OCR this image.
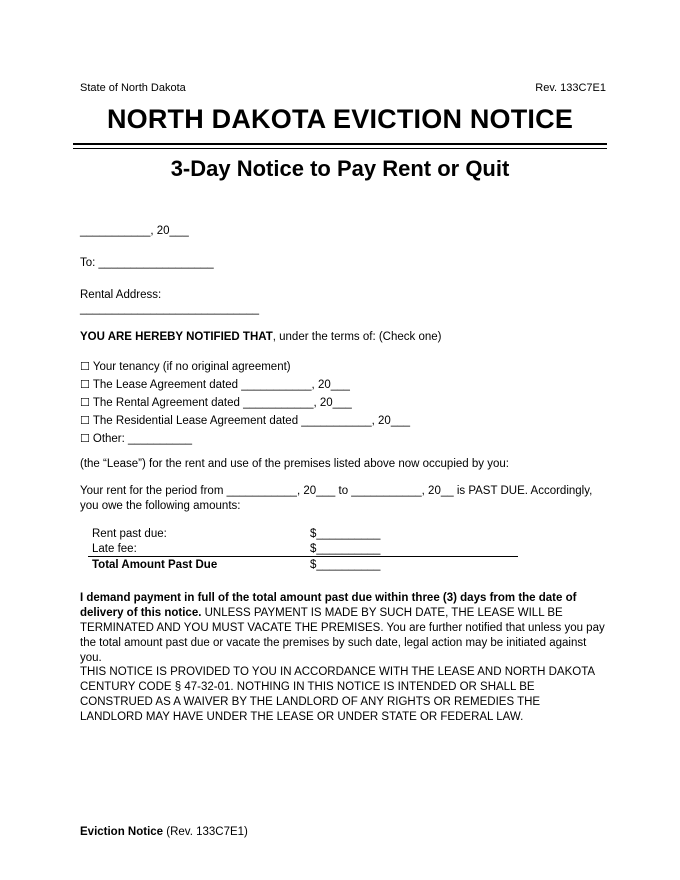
State of North Dakota	Rev. 133C7E1
NORTH DAKOTA EVICTION NOTICE
3-Day Notice to Pay Rent or Quit
___________, 20___
To: __________________
Rental Address:
____________________________
YOU ARE HEREBY NOTIFIED THAT, under the terms of: (Check one)
☐ Your tenancy (if no original agreement)
☐ The Lease Agreement dated ___________, 20___
☐ The Rental Agreement dated ___________, 20___
☐ The Residential Lease Agreement dated ___________, 20___
☐ Other: __________
(the “Lease”) for the rent and use of the premises listed above now occupied by you:
Your rent for the period from ___________, 20___ to ___________, 20__ is PAST DUE. Accordingly, you owe the following amounts:
Rent past due:	$__________
Late fee:	$__________
Total Amount Past Due	$__________
I demand payment in full of the total amount past due within three (3) days from the date of delivery of this notice. UNLESS PAYMENT IS MADE BY SUCH DATE, THE LEASE WILL BE TERMINATED AND YOU MUST VACATE THE PREMISES. You are further notified that unless you pay the total amount past due or vacate the premises by such date, legal action may be initiated against you.
THIS NOTICE IS PROVIDED TO YOU IN ACCORDANCE WITH THE LEASE AND NORTH DAKOTA CENTURY CODE § 47-32-01. NOTHING IN THIS NOTICE IS INTENDED OR SHALL BE CONSTRUED AS A WAIVER BY THE LANDLORD OF ANY RIGHTS OR REMEDIES THE LANDLORD MAY HAVE UNDER THE LEASE OR UNDER STATE OR FEDERAL LAW.
Eviction Notice (Rev. 133C7E1)
